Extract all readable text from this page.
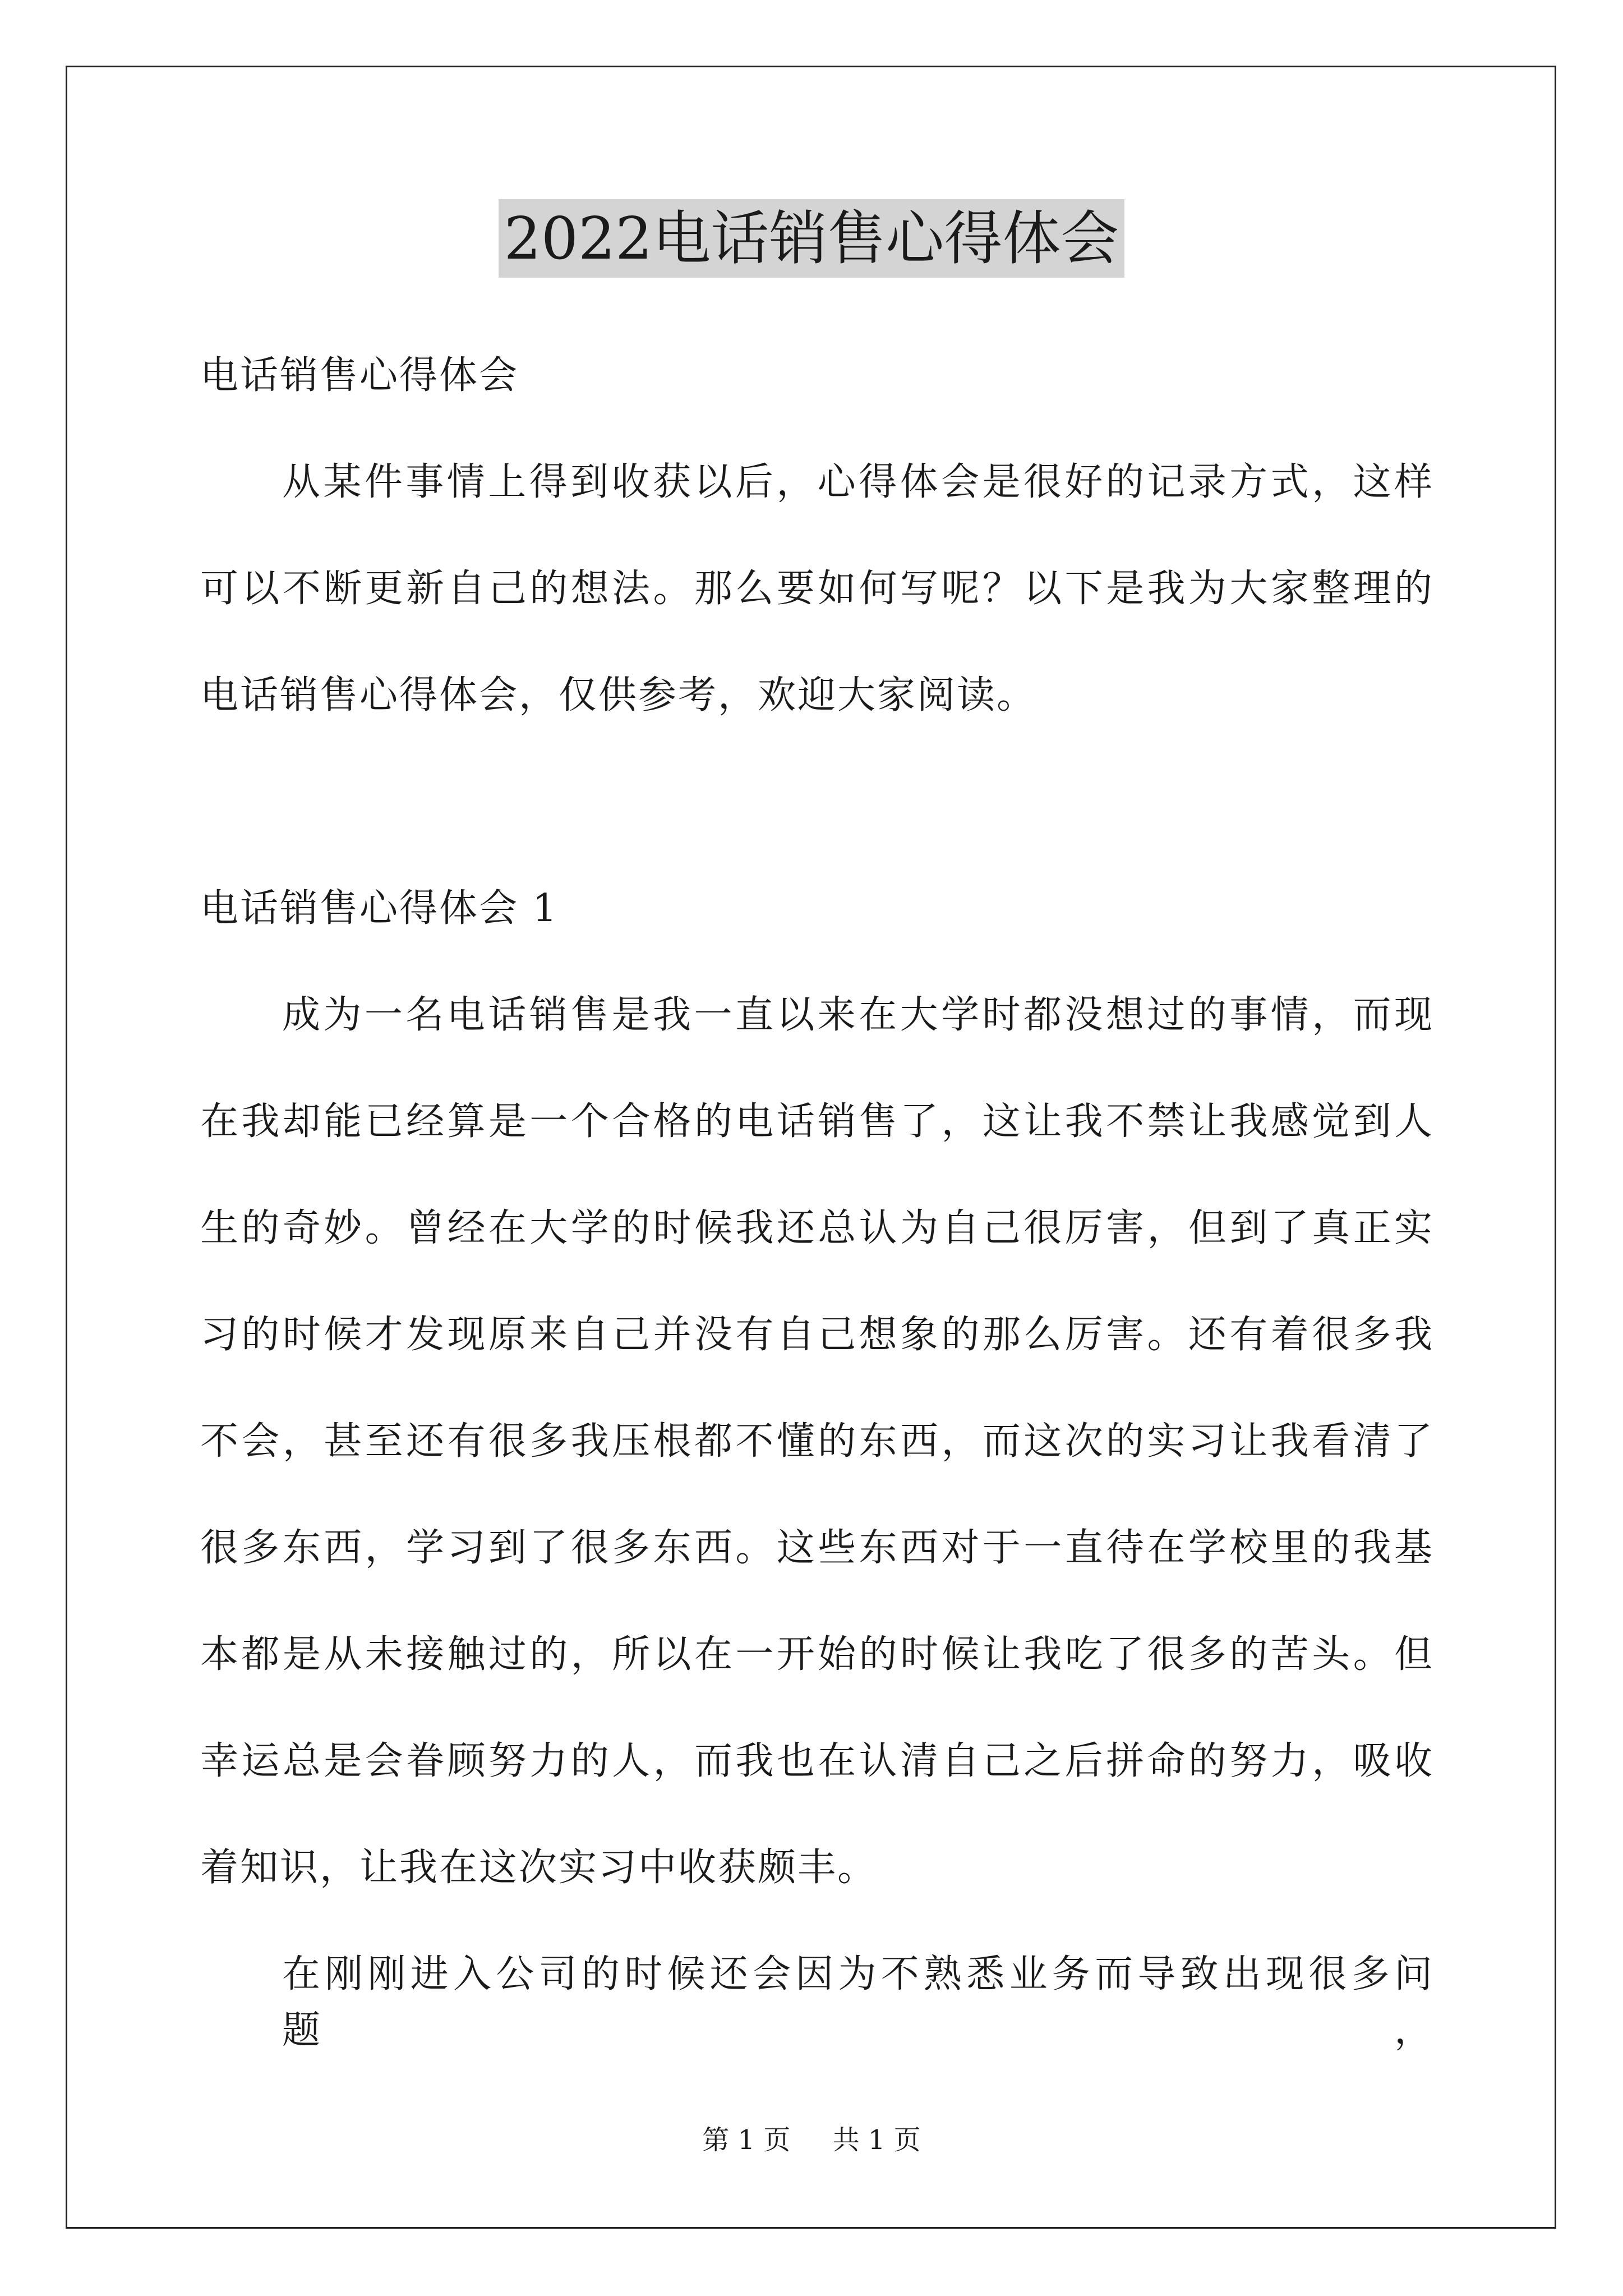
2022电话销售心得体会
电话销售心得体会
从某件事情上得到收获以后，心得体会是很好的记录方式，这样
可以不断更新自己的想法。那么要如何写呢？以下是我为大家整理的
电话销售心得体会，仅供参考，欢迎大家阅读。
电话销售心得体会 1
成为一名电话销售是我一直以来在大学时都没想过的事情，而现
在我却能已经算是一个合格的电话销售了，这让我不禁让我感觉到人
生的奇妙。曾经在大学的时候我还总认为自己很厉害，但到了真正实
习的时候才发现原来自己并没有自己想象的那么厉害。还有着很多我
不会，甚至还有很多我压根都不懂的东西，而这次的实习让我看清了
很多东西，学习到了很多东西。这些东西对于一直待在学校里的我基
本都是从未接触过的，所以在一开始的时候让我吃了很多的苦头。但
幸运总是会眷顾努力的人，而我也在认清自己之后拼命的努力，吸收
着知识，让我在这次实习中收获颇丰。
在刚刚进入公司的时候还会因为不熟悉业务而导致出现很多问题，
第 1 页 共 1 页
